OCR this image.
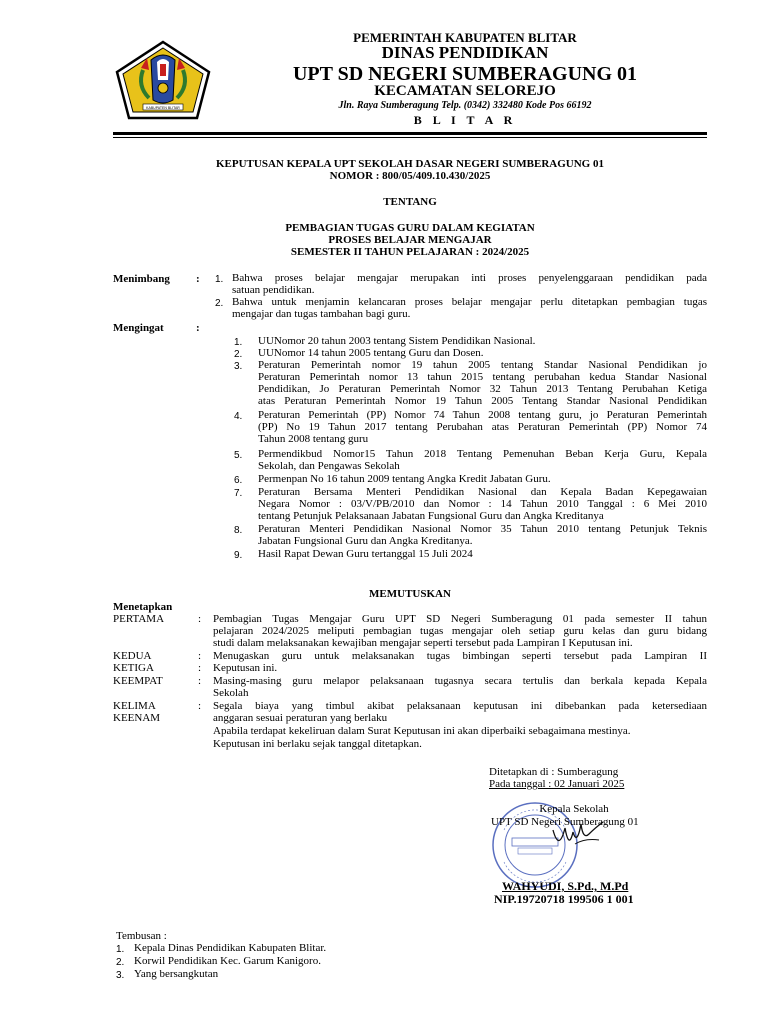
KABUPATEN BLITAR
PEMERINTAH KABUPATEN BLITAR
DINAS PENDIDIKAN
UPT SD NEGERI SUMBERAGUNG 01
KECAMATAN SELOREJO
Jln. Raya Sumberagung Telp. (0342) 332480 Kode Pos 66192
B L I T A R
KEPUTUSAN KEPALA UPT SEKOLAH DASAR NEGERI SUMBERAGUNG 01
NOMOR : 800/05/409.10.430/2025
TENTANG
PEMBAGIAN TUGAS GURU DALAM KEGIATAN
PROSES BELAJAR MENGAJAR
SEMESTER II TAHUN PELAJARAN : 2024/2025
Menimbang : 1. Bahwa proses belajar mengajar merupakan inti proses penyelenggaraan pendidikan pada
satuan pendidikan.
2. Bahwa untuk menjamin kelancaran proses belajar mengajar perlu ditetapkan pembagian tugas
mengajar dan tugas tambahan bagi guru.
Mengingat	:
1. UUNomor 20 tahun 2003 tentang Sistem Pendidikan Nasional.
2. UUNomor 14 tahun 2005 tentang Guru dan Dosen.
3. Peraturan Pemerintah nomor 19 tahun 2005 tentang Standar Nasional Pendidikan jo
Peraturan Pemerintah nomor 13 tahun 2015 tentang perubahan kedua Standar Nasional
Pendidikan, Jo Peraturan Pemerintah Nomor 32 Tahun 2013 Tentang Perubahan Ketiga
atas Peraturan Pemerintah Nomor 19 Tahun 2005 Tentang Standar Nasional Pendidikan
4. Peraturan Pemerintah (PP) Nomor 74 Tahun 2008 tentang guru, jo Peraturan Pemerintah
(PP) No 19 Tahun 2017 tentang Perubahan atas Peraturan Pemerintah (PP) Nomor 74
Tahun 2008 tentang guru
5. Permendikbud Nomor15 Tahun 2018 Tentang Pemenuhan Beban Kerja Guru, Kepala
Sekolah, dan Pengawas Sekolah
6. Permenpan No 16 tahun 2009 tentang Angka Kredit Jabatan Guru.
7. Peraturan Bersama Menteri Pendidikan Nasional dan Kepala Badan Kepegawaian
Negara Nomor : 03/V/PB/2010 dan Nomor : 14 Tahun 2010 Tanggal : 6 Mei 2010
tentang Petunjuk Pelaksanaan Jabatan Fungsional Guru dan Angka Kreditanya
8. Peraturan Menteri Pendidikan Nasional Nomor 35 Tahun 2010 tentang Petunjuk Teknis
Jabatan Fungsional Guru dan Angka Kreditanya.
9. Hasil Rapat Dewan Guru tertanggal 15 Juli 2024
MEMUTUSKAN
Menetapkan
PERTAMA	: Pembagian Tugas Mengajar Guru UPT SD Negeri Sumberagung 01 pada semester II tahun
pelajaran 2024/2025 meliputi pembagian tugas mengajar oleh setiap guru kelas dan guru bidang
studi dalam melaksanakan kewajiban mengajar seperti tersebut pada Lampiran I Keputusan ini.
KEDUA	: Menugaskan guru untuk melaksanakan tugas bimbingan seperti tersebut pada Lampiran II
KETIGA	: Keputusan ini.
KEEMPAT	: Masing-masing guru melapor pelaksanaan tugasnya secara tertulis dan berkala kepada Kepala
Sekolah
KELIMA
KEENAM
: Segala biaya yang timbul akibat pelaksanaan keputusan ini dibebankan pada ketersediaan
anggaran sesuai peraturan yang berlaku
Apabila terdapat kekeliruan dalam Surat Keputusan ini akan diperbaiki sebagaimana mestinya.
Keputusan ini berlaku sejak tanggal ditetapkan.
Ditetapkan di : Sumberagung
Pada tanggal : 02 Januari 2025
Kepala Sekolah
UPT SD Negeri Sumberagung 01
WAHYUDI, S.Pd., M.Pd
NIP.19720718 199506 1 001
Tembusan :
1. Kepala Dinas Pendidikan Kabupaten Blitar.
2. Korwil Pendidikan Kec. Garum Kanigoro.
3. Yang bersangkutan
